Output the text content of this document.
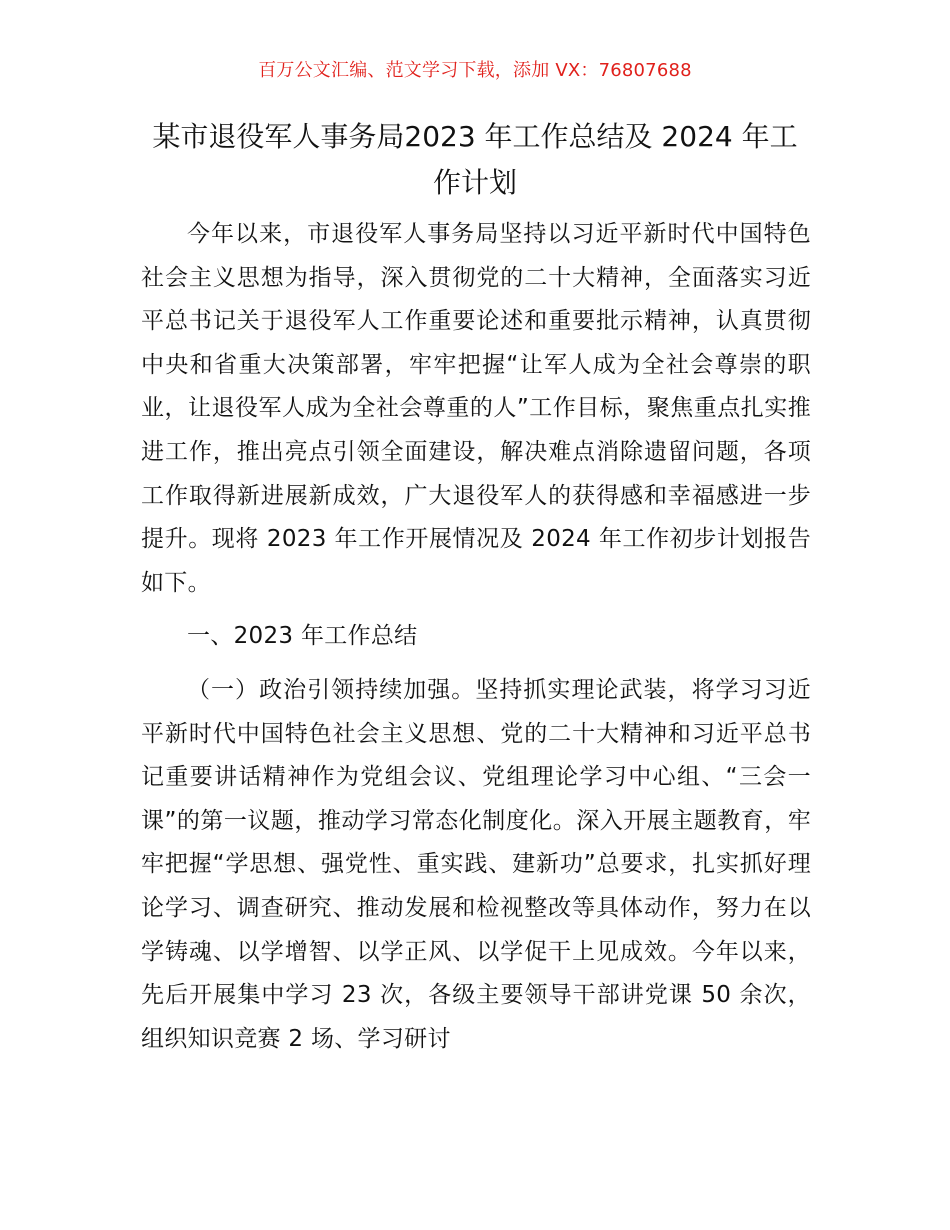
百万公文汇编、范文学习下载，添加 VX：76807688
某市退役军人事务局2023 年工作总结及 2024 年工作计划

今年以来，市退役军人事务局坚持以习近平新时代中国特色社会主义思想为指导，深入贯彻党的二十大精神，全面落实习近平总书记关于退役军人工作重要论述和重要批示精神，认真贯彻中央和省重大决策部署，牢牢把握“让军人成为全社会尊崇的职业，让退役军人成为全社会尊重的人”工作目标，聚焦重点扎实推进工作，推出亮点引领全面建设，解决难点消除遗留问题，各项工作取得新进展新成效，广大退役军人的获得感和幸福感进一步提升。现将 2023 年工作开展情况及 2024 年工作初步计划报告如下。

一、2023 年工作总结

（一）政治引领持续加强。坚持抓实理论武装，将学习习近平新时代中国特色社会主义思想、党的二十大精神和习近平总书记重要讲话精神作为党组会议、党组理论学习中心组、“三会一课”的第一议题，推动学习常态化制度化。深入开展主题教育，牢牢把握“学思想、强党性、重实践、建新功”总要求，扎实抓好理论学习、调查研究、推动发展和检视整改等具体动作，努力在以学铸魂、以学增智、以学正风、以学促干上见成效。今年以来，先后开展集中学习 23 次，各级主要领导干部讲党课 50 余次，组织知识竞赛 2 场、学习研讨
